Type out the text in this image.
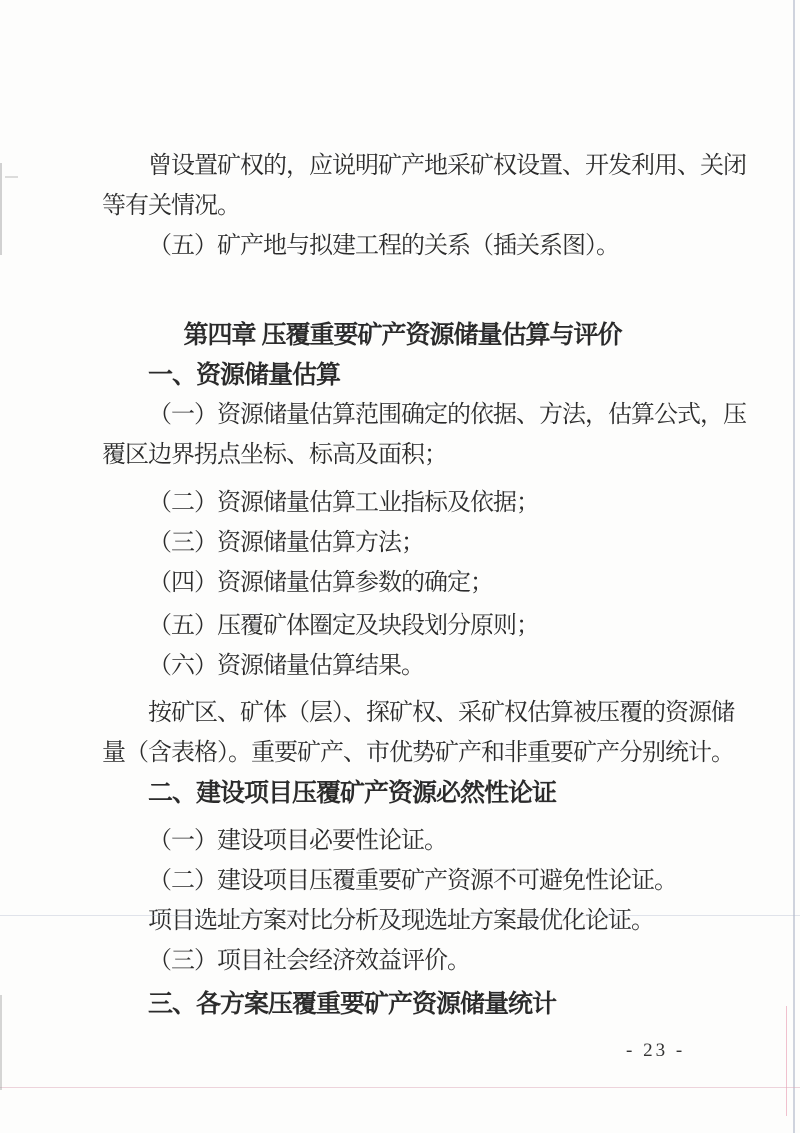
曾设置矿权的，应说明矿产地采矿权设置、开发利用、关闭

等有关情况。

（五）矿产地与拟建工程的关系（插关系图）。

第四章 压覆重要矿产资源储量估算与评价

一、资源储量估算

（一）资源储量估算范围确定的依据、方法，估算公式，压

覆区边界拐点坐标、标高及面积；

（二）资源储量估算工业指标及依据；

（三）资源储量估算方法；

（四）资源储量估算参数的确定；

（五）压覆矿体圈定及块段划分原则；

（六）资源储量估算结果。

按矿区、矿体（层）、探矿权、采矿权估算被压覆的资源储

量（含表格）。重要矿产、市优势矿产和非重要矿产分别统计。

二、建设项目压覆矿产资源必然性论证

（一）建设项目必要性论证。

（二）建设项目压覆重要矿产资源不可避免性论证。

项目选址方案对比分析及现选址方案最优化论证。

（三）项目社会经济效益评价。

三、各方案压覆重要矿产资源储量统计

- 23 -
